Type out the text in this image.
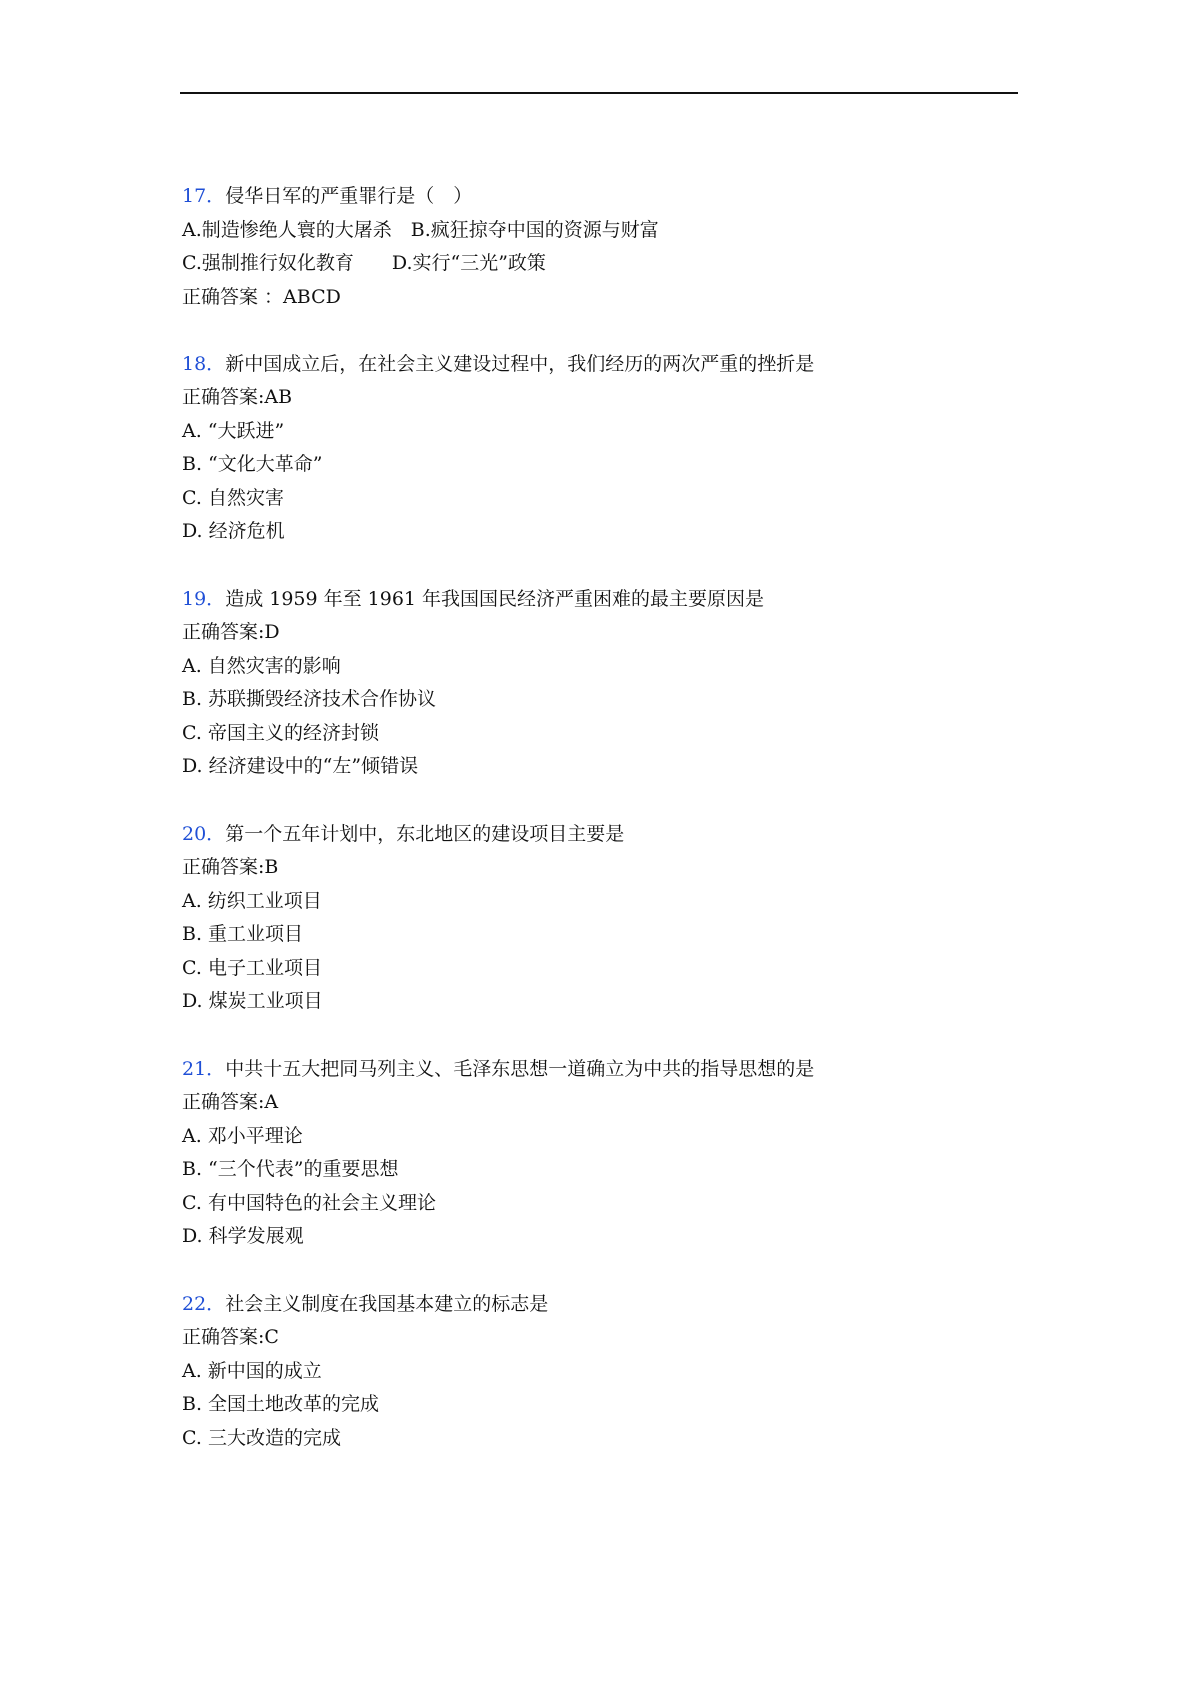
17．侵华日军的严重罪行是（　）
A.制造惨绝人寰的大屠杀　B.疯狂掠夺中国的资源与财富
C.强制推行奴化教育　　D.实行“三光”政策
正确答案 ：ABCD
18．新中国成立后，在社会主义建设过程中，我们经历的两次严重的挫折是
正确答案:AB
A. “大跃进”
B. “文化大革命”
C. 自然灾害
D. 经济危机
19．造成 1959 年至 1961 年我国国民经济严重困难的最主要原因是
正确答案:D
A. 自然灾害的影响
B. 苏联撕毁经济技术合作协议
C. 帝国主义的经济封锁
D. 经济建设中的“左”倾错误
20．第一个五年计划中，东北地区的建设项目主要是
正确答案:B
A. 纺织工业项目
B. 重工业项目
C. 电子工业项目
D. 煤炭工业项目
21．中共十五大把同马列主义、毛泽东思想一道确立为中共的指导思想的是
正确答案:A
A. 邓小平理论
B. “三个代表”的重要思想
C. 有中国特色的社会主义理论
D. 科学发展观
22．社会主义制度在我国基本建立的标志是
正确答案:C
A. 新中国的成立
B. 全国土地改革的完成
C. 三大改造的完成
